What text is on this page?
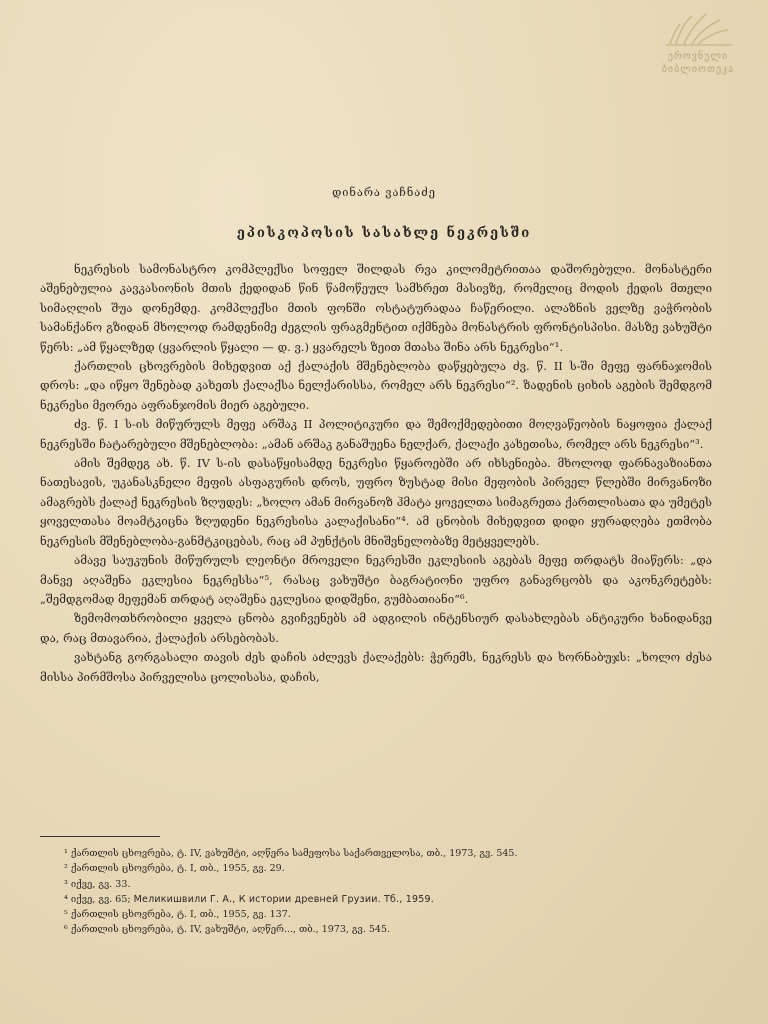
ეროვნული
ბიბლიოთეკა
დინარა ვაჩნაძე
ეპისკოპოსის სასახლე ნეკრესში

ნეკრესის სამონასტრო კომპლექსი სოფელ შილდას რვა კილომეტრითაა დაშორებული. მონასტერი აშენებულია კავკასიონის მთის ქედიდან წინ წამოწეულ სამხრეთ მასივზე, რომელიც მოდის ქედის მთელი სიმაღლის შუა დონემდე. კომპლექსი მთის ფონში ოსტატურადაა ჩაწერილი. ალაზნის ველზე ვაჭრობის სამანქანო გზიდან მხოლოდ რამდენიმე ძეგლის ფრაგმენტით იქმნება მონასტრის ფრონტისპისი. მასზე ვახუშტი წერს: „ამ წყალზედ (ყვარლის წყალი — დ. ვ.) ყვარელს ზეით მთასა შინა არს ნეკრესი“¹.

ქართლის ცხოვრების მიხედვით აქ ქალაქის მშენებლობა დაწყებულა ძვ. წ. II ს-ში მეფე ფარნაჯომის დროს: „და იწყო შენებად კახეთს ქალაქსა ნელქარისსა, რომელ არს ნეკრესი“². ზადენის ციხის აგების შემდგომ ნეკრესი მეორეა აფრანჯომის მიერ აგებული.

ძვ. წ. I ს-ის მიწურულს მეფე არშაკ II პოლიტიკური და შემოქმედებითი მოღვაწეობის ნაყოფია ქალაქ ნეკრესში ჩატარებული მშენებლობა: „ამან არშაკ განაშუენა ნელქარ, ქალაქი კახეთისა, რომელ არს ნეკრესი“³.

ამის შემდეგ ახ. წ. IV ს-ის დასაწყისამდე ნეკრესი წყაროებში არ იხსენიება. მხოლოდ ფარნავაზიანთა ნათესავის, უკანასკნელი მეფის ასფაგურის დროს, უფრო ზუსტად მისი მეფობის პირველ წლებში მირვანოზი ამაგრებს ქალაქ ნეკრესის ზღუდეს: „ხოლო ამან მირვანოზ ჰმატა ყოველთა სიმაგრეთა ქართლისათა და უმეტეს ყოველთასა მოამტკიცნა ზღუდენი ნეკრესისა კალაქისანი“⁴. ამ ცნობის მიხედვით დიდი ყურადღება ეთმობა ნეკრესის მშენებლობა-განმტკიცებას, რაც ამ პუნქტის მნიშვნელობაზე მეტყველებს.

ამავე საუკუნის მიწურულს ლეონტი მროველი ნეკრესში ეკლესიის აგებას მეფე თრდატს მიაწერს: „და მანვე აღაშენა ეკლესია ნეკრესსა“⁵, რასაც ვახუშტი ბაგრატიონი უფრო განავრცობს და აკონკრეტებს: „შემდგომად მეფემან თრდატ აღაშენა ეკლესია დიდშენი, გუმბათიანი“⁶.

ზემომოთხრობილი ყველა ცნობა გვიჩვენებს ამ ადგილის ინტენსიურ დასახლებას ანტიკური ხანიდანვე და, რაც მთავარია, ქალაქის არსებობას.

ვახტანგ გორგასალი თავის ძეს დაჩის აძლევს ქალაქებს: ჭერემს, ნეკრესს და ხორნაბუჯს: „ხოლო ძესა მისსა პირმშოსა პირველისა ცოლისასა, დაჩის,

¹ ქართლის ცხოვრება, ტ. IV, ვახუშტი, აღწერა სამეფოსა საქართველოსა, თბ., 1973, გვ. 545.

² ქართლის ცხოვრება, ტ. I, თბ., 1955, გვ. 29.

³ იქვე, გვ. 33.

⁴ იქვე, გვ. 65; Меликишвили Г. А., К истории древней Грузии. Тб., 1959.

⁵ ქართლის ცხოვრება, ტ. I, თბ., 1955, გვ. 137.

⁶ ქართლის ცხოვრება, ტ. IV, ვახუშტი, აღწერ..., თბ., 1973, გვ. 545.
